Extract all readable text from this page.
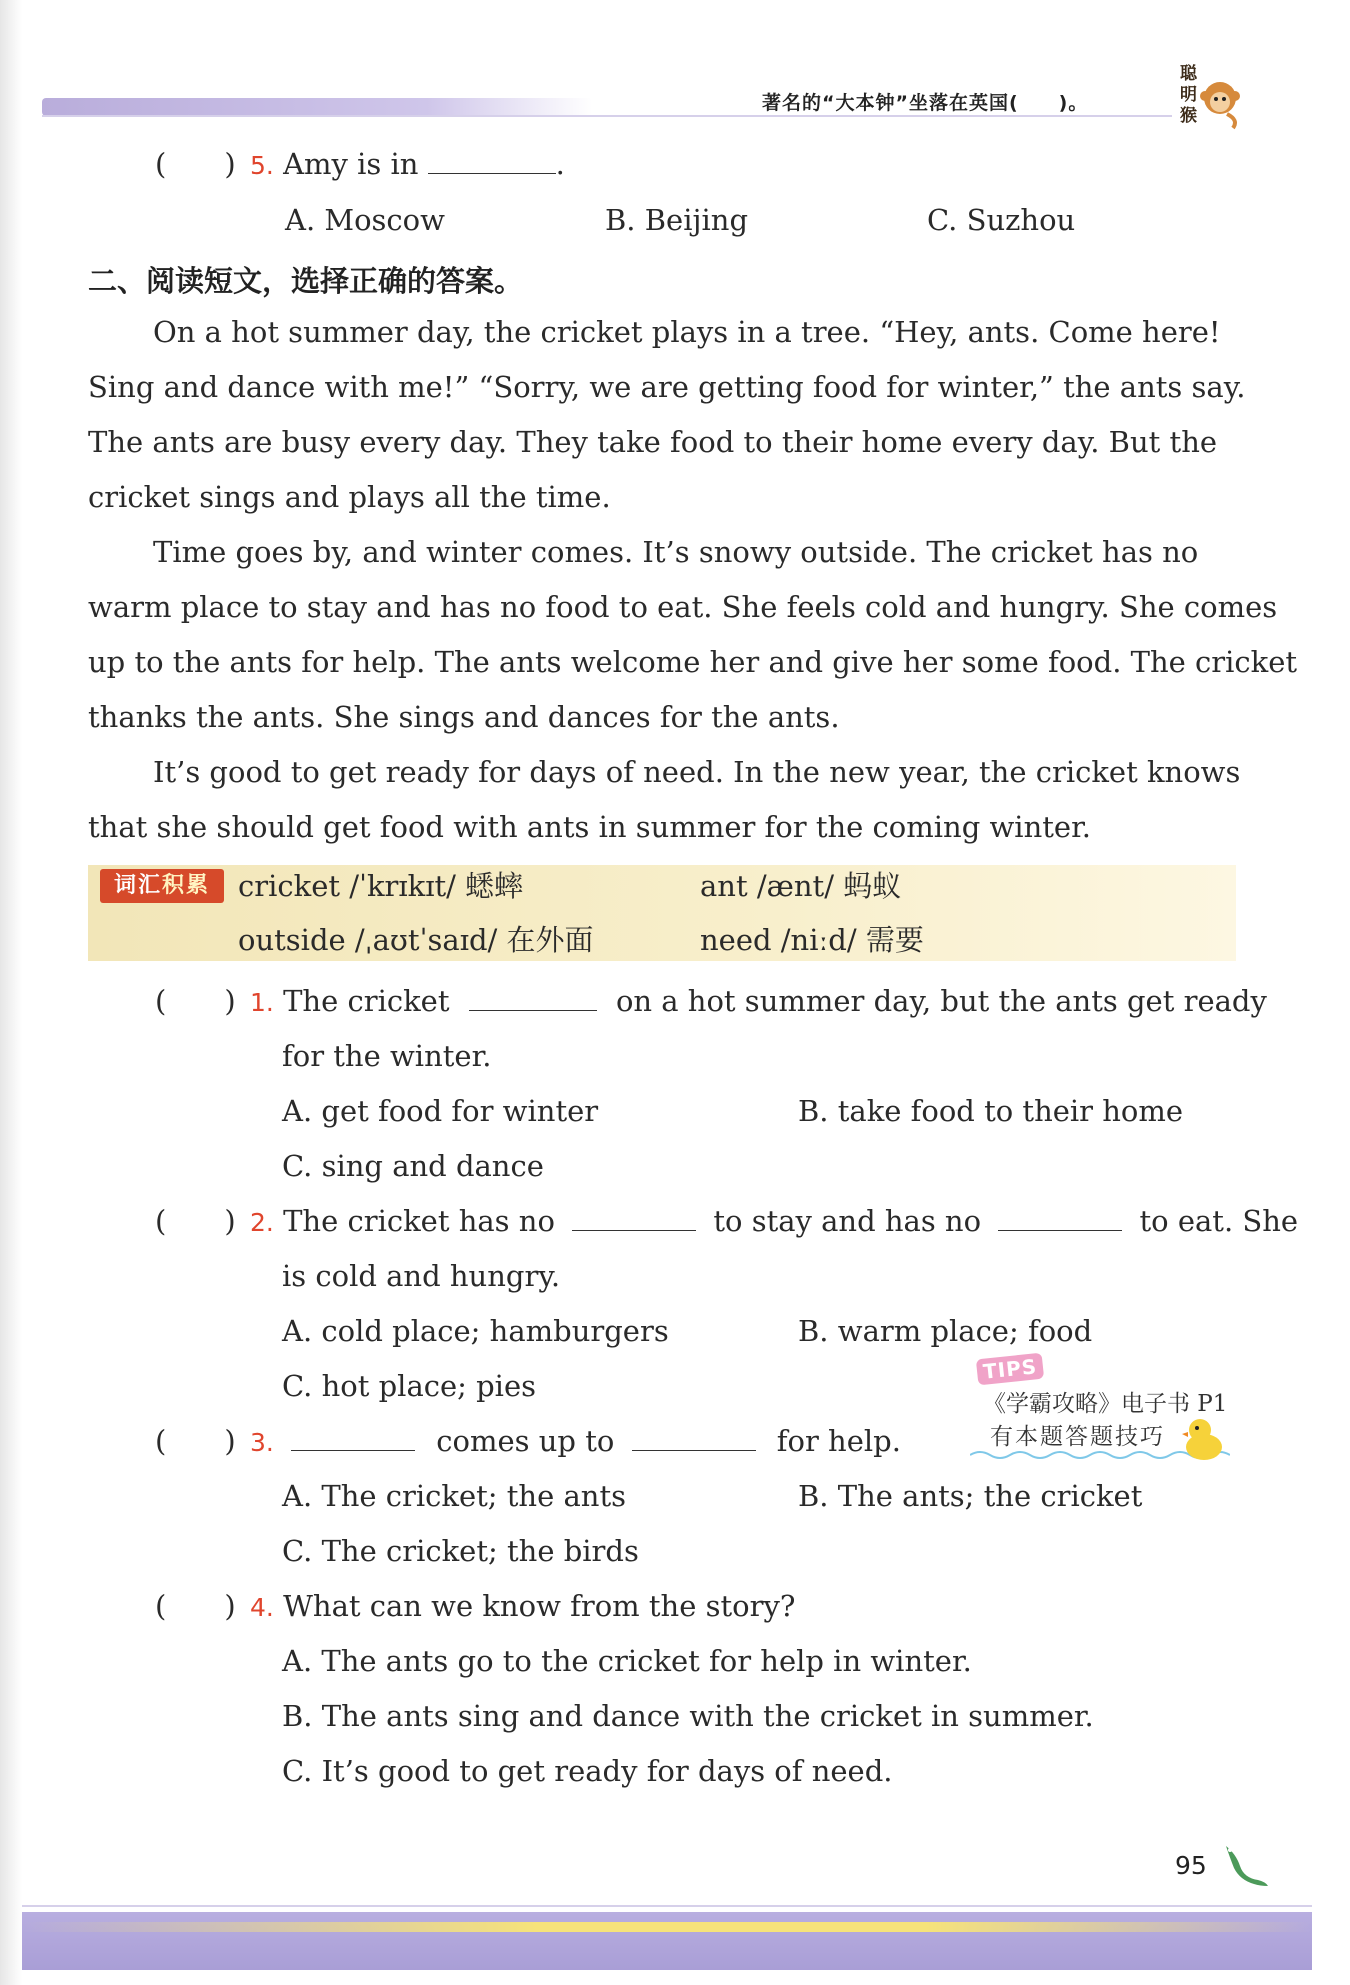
著名的“大本钟”坐落在英国(　　)。
聪
明
猴
(　　) 5. Amy is in	.
A. Moscow	B. Beijing	C. Suzhou
二、阅读短文，选择正确的答案。
On a hot summer day, the cricket plays in a tree. “Hey, ants. Come here!
Sing and dance with me!” “Sorry, we are getting food for winter,” the ants say.
The ants are busy every day. They take food to their home every day. But the
cricket sings and plays all the time.
Time goes by, and winter comes. It’s snowy outside. The cricket has no
warm place to stay and has no food to eat. She feels cold and hungry. She comes
up to the ants for help. The ants welcome her and give her some food. The cricket
thanks the ants. She sings and dances for the ants.
It’s good to get ready for days of need. In the new year, the cricket knows
that she should get food with ants in summer for the coming winter.
词汇积累 cricket /ˈkrɪkɪt/ 蟋蟀	ant /ænt/ 蚂蚁
outside /ˌaʊtˈsaɪd/ 在外面	need /niːd/ 需要
(　　) 1. The cricket	on a hot summer day, but the ants get ready
for the winter.
A. get food for winter	B. take food to their home
C. sing and dance
(　　) 2. The cricket has no	to stay and has no	to eat. She
is cold and hungry.
A. cold place; hamburgers	B. warm place; food
C. hot place; pies	TIPS
《学霸攻略》电子书 P1
有本题答题技巧
(　　) 3.	comes up to	for help.
A. The cricket; the ants	B. The ants; the cricket
C. The cricket; the birds
(　　) 4. What can we know from the story?
A. The ants go to the cricket for help in winter.
B. The ants sing and dance with the cricket in summer.
C. It’s good to get ready for days of need.
95
